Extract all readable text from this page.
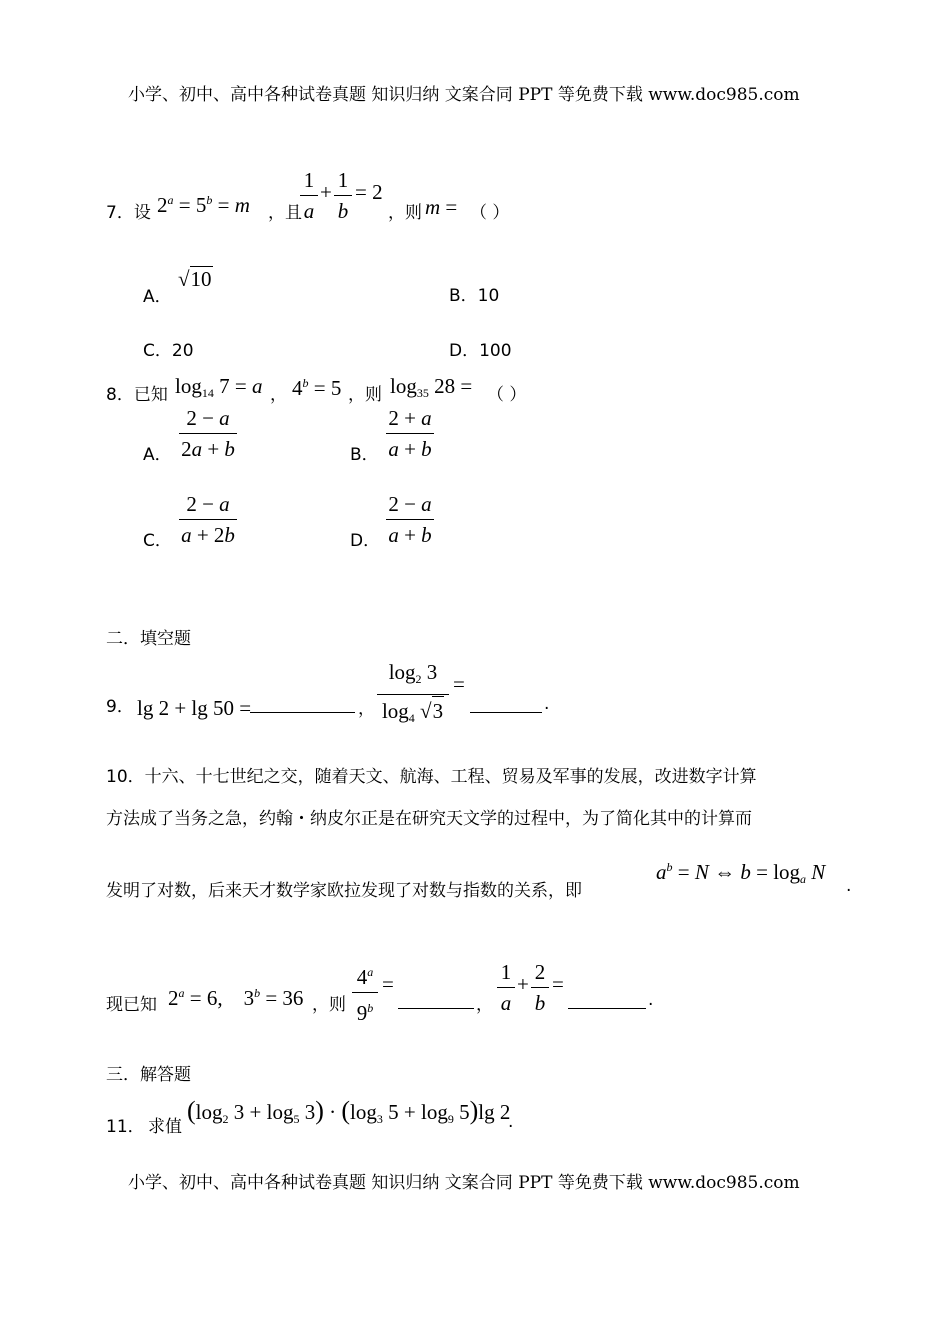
小学、初中、高中各种试卷真题 知识归纳 文案合同 PPT 等免费下载 www.doc985.com
7．设 $2^a = 5^b = m$ ，且
1
a
+ 1
b
= 2
，则 m = （ ）
A．
√10
B．10
C．20	D．100
8．已知 $\log_{14} 7 = a$ ， $4^b = 5$ ，则 $\log_{35} 28$ = （ ）
A．
2 − a
2a + b	B．
2 + a
a + b
C．
2 − a
a + 2b	D．
2 − a
a + b
二．填空题
9． lg 2 + lg 50 =	，
$\log_2 3$
$\log_4 √3$
=
.
10．十六、十七世纪之交，随着天文、航海、工程、贸易及军事的发展，改进数字计算
方法成了当务之急，约翰・纳皮尔正是在研究天文学的过程中，为了简化其中的计算而
发明了对数，后来天才数学家欧拉发现了对数与指数的关系，即
$a^b = N$ ⇔ $b = \log_a N$
.
现已知 $2^a = 6$,    $3^b = 36$ ，则
4$^a$
$9^b$
=
，
1
a
+ 2
b
=
.
三．解答题
11． 求值
($\log_2$ $3 + \log_5 3) \cdot (\log_3$ $5 + \log_9 5)\lg$ 2
.
小学、初中、高中各种试卷真题 知识归纳 文案合同 PPT 等免费下载 www.doc985.com
